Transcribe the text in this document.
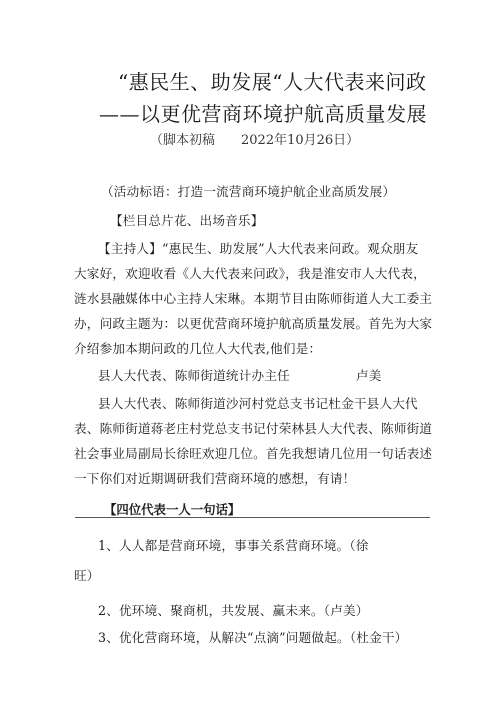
“惠民生、助发展“人大代表来问政
——以更优营商环境护航高质量发展
（脚本初稿　　2022年10月26日）
（活动标语：打造一流营商环境护航企业高质发展）
【栏目总片花、出场音乐】
【主持人】“惠民生、助发展”人大代表来问政。观众朋友
大家好，欢迎收看《人大代表来问政》，我是淮安市人大代表，
涟水县融媒体中心主持人宋琳。本期节目由陈师街道人大工委主
办，问政主题为：以更优营商环境护航高质量发展。首先为大家
介绍参加本期问政的几位人大代表,他们是：
县人大代表、陈师街道统计办主任	卢美
县人大代表、陈师街道沙河村党总支书记杜金干县人大代
表、陈师街道蒋老庄村党总支书记付荣林县人大代表、陈师街道
社会事业局副局长徐旺欢迎几位。首先我想请几位用一句话表述
一下你们对近期调研我们营商环境的感想，有请！
【四位代表一人一句话】
1、人人都是营商环境，事事关系营商环境。（徐
旺）
2、优环境、聚商机，共发展、赢未来。（卢美）
3、优化营商环境，从解决“点滴”问题做起。（杜金干）
